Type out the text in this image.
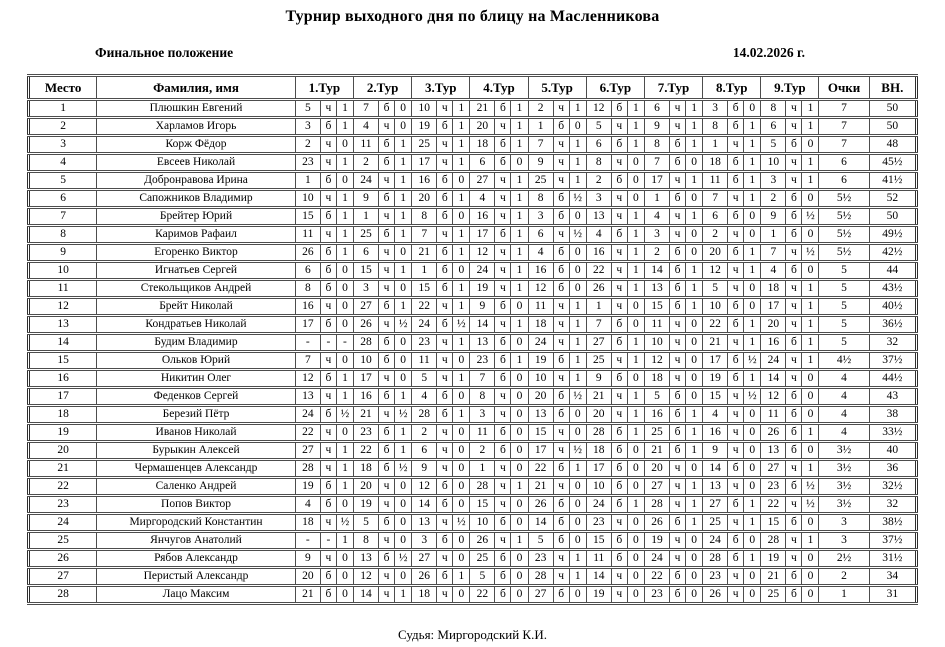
Турнир выходного дня по блицу на Масленникова
Финальное положение	14.02.2026 г.
Место	Фамилия, имя	1.Тур			2.Тур			3.Тур			4.Тур			5.Тур			6.Тур			7.Тур			8.Тур			9.Тур			Очки	ВН.
1	Плюшкин Евгений	5	ч	1	7	б	0	10	ч	1	21	б	1	2	ч	1	12	б	1	6	ч	1	3	б	0	8	ч	1	7	50
2	Харламов Игорь	3	б	1	4	ч	0	19	б	1	20	ч	1	1	б	0	5	ч	1	9	ч	1	8	б	1	6	ч	1	7	50
3	Корж Фёдор	2	ч	0	11	б	1	25	ч	1	18	б	1	7	ч	1	6	б	1	8	б	1	1	ч	1	5	б	0	7	48
4	Евсеев Николай	23	ч	1	2	б	1	17	ч	1	6	б	0	9	ч	1	8	ч	0	7	б	0	18	б	1	10	ч	1	6	45½
5	Добронравова Ирина	1	б	0	24	ч	1	16	б	0	27	ч	1	25	ч	1	2	б	0	17	ч	1	11	б	1	3	ч	1	6	41½
6	Сапожников Владимир	10	ч	1	9	б	1	20	б	1	4	ч	1	8	б	½	3	ч	0	1	б	0	7	ч	1	2	б	0	5½	52
7	Брейтер Юрий	15	б	1	1	ч	1	8	б	0	16	ч	1	3	б	0	13	ч	1	4	ч	1	6	б	0	9	б	½	5½	50
8	Каримов Рафаил	11	ч	1	25	б	1	7	ч	1	17	б	1	6	ч	½	4	б	1	3	ч	0	2	ч	0	1	б	0	5½	49½
9	Егоренко Виктор	26	б	1	6	ч	0	21	б	1	12	ч	1	4	б	0	16	ч	1	2	б	0	20	б	1	7	ч	½	5½	42½
10	Игнатьев Сергей	6	б	0	15	ч	1	1	б	0	24	ч	1	16	б	0	22	ч	1	14	б	1	12	ч	1	4	б	0	5	44
11	Стекольщиков Андрей	8	б	0	3	ч	0	15	б	1	19	ч	1	12	б	0	26	ч	1	13	б	1	5	ч	0	18	ч	1	5	43½
12	Брейт Николай	16	ч	0	27	б	1	22	ч	1	9	б	0	11	ч	1	1	ч	0	15	б	1	10	б	0	17	ч	1	5	40½
13	Кондратьев Николай	17	б	0	26	ч	½	24	б	½	14	ч	1	18	ч	1	7	б	0	11	ч	0	22	б	1	20	ч	1	5	36½
14	Будим Владимир	-	-	-	28	б	0	23	ч	1	13	б	0	24	ч	1	27	б	1	10	ч	0	21	ч	1	16	б	1	5	32
15	Ольков Юрий	7	ч	0	10	б	0	11	ч	0	23	б	1	19	б	1	25	ч	1	12	ч	0	17	б	½	24	ч	1	4½	37½
16	Никитин Олег	12	б	1	17	ч	0	5	ч	1	7	б	0	10	ч	1	9	б	0	18	ч	0	19	б	1	14	ч	0	4	44½
17	Феденков Сергей	13	ч	1	16	б	1	4	б	0	8	ч	0	20	б	½	21	ч	1	5	б	0	15	ч	½	12	б	0	4	43
18	Березий Пётр	24	б	½	21	ч	½	28	б	1	3	ч	0	13	б	0	20	ч	1	16	б	1	4	ч	0	11	б	0	4	38
19	Иванов Николай	22	ч	0	23	б	1	2	ч	0	11	б	0	15	ч	0	28	б	1	25	б	1	16	ч	0	26	б	1	4	33½
20	Бурыкин Алексей	27	ч	1	22	б	1	6	ч	0	2	б	0	17	ч	½	18	б	0	21	б	1	9	ч	0	13	б	0	3½	40
21	Чермашенцев Александр	28	ч	1	18	б	½	9	ч	0	1	ч	0	22	б	1	17	б	0	20	ч	0	14	б	0	27	ч	1	3½	36
22	Саленко Андрей	19	б	1	20	ч	0	12	б	0	28	ч	1	21	ч	0	10	б	0	27	ч	1	13	ч	0	23	б	½	3½	32½
23	Попов Виктор	4	б	0	19	ч	0	14	б	0	15	ч	0	26	б	0	24	б	1	28	ч	1	27	б	1	22	ч	½	3½	32
24	Миргородский Константин	18	ч	½	5	б	0	13	ч	½	10	б	0	14	б	0	23	ч	0	26	б	1	25	ч	1	15	б	0	3	38½
25	Янчугов Анатолий	-	-	1	8	ч	0	3	б	0	26	ч	1	5	б	0	15	б	0	19	ч	0	24	б	0	28	ч	1	3	37½
26	Рябов Александр	9	ч	0	13	б	½	27	ч	0	25	б	0	23	ч	1	11	б	0	24	ч	0	28	б	1	19	ч	0	2½	31½
27	Перистый Александр	20	б	0	12	ч	0	26	б	1	5	б	0	28	ч	1	14	ч	0	22	б	0	23	ч	0	21	б	0	2	34
28	Лацо Максим	21	б	0	14	ч	1	18	ч	0	22	б	0	27	б	0	19	ч	0	23	б	0	26	ч	0	25	б	0	1	31
Судья: Миргородский К.И.
